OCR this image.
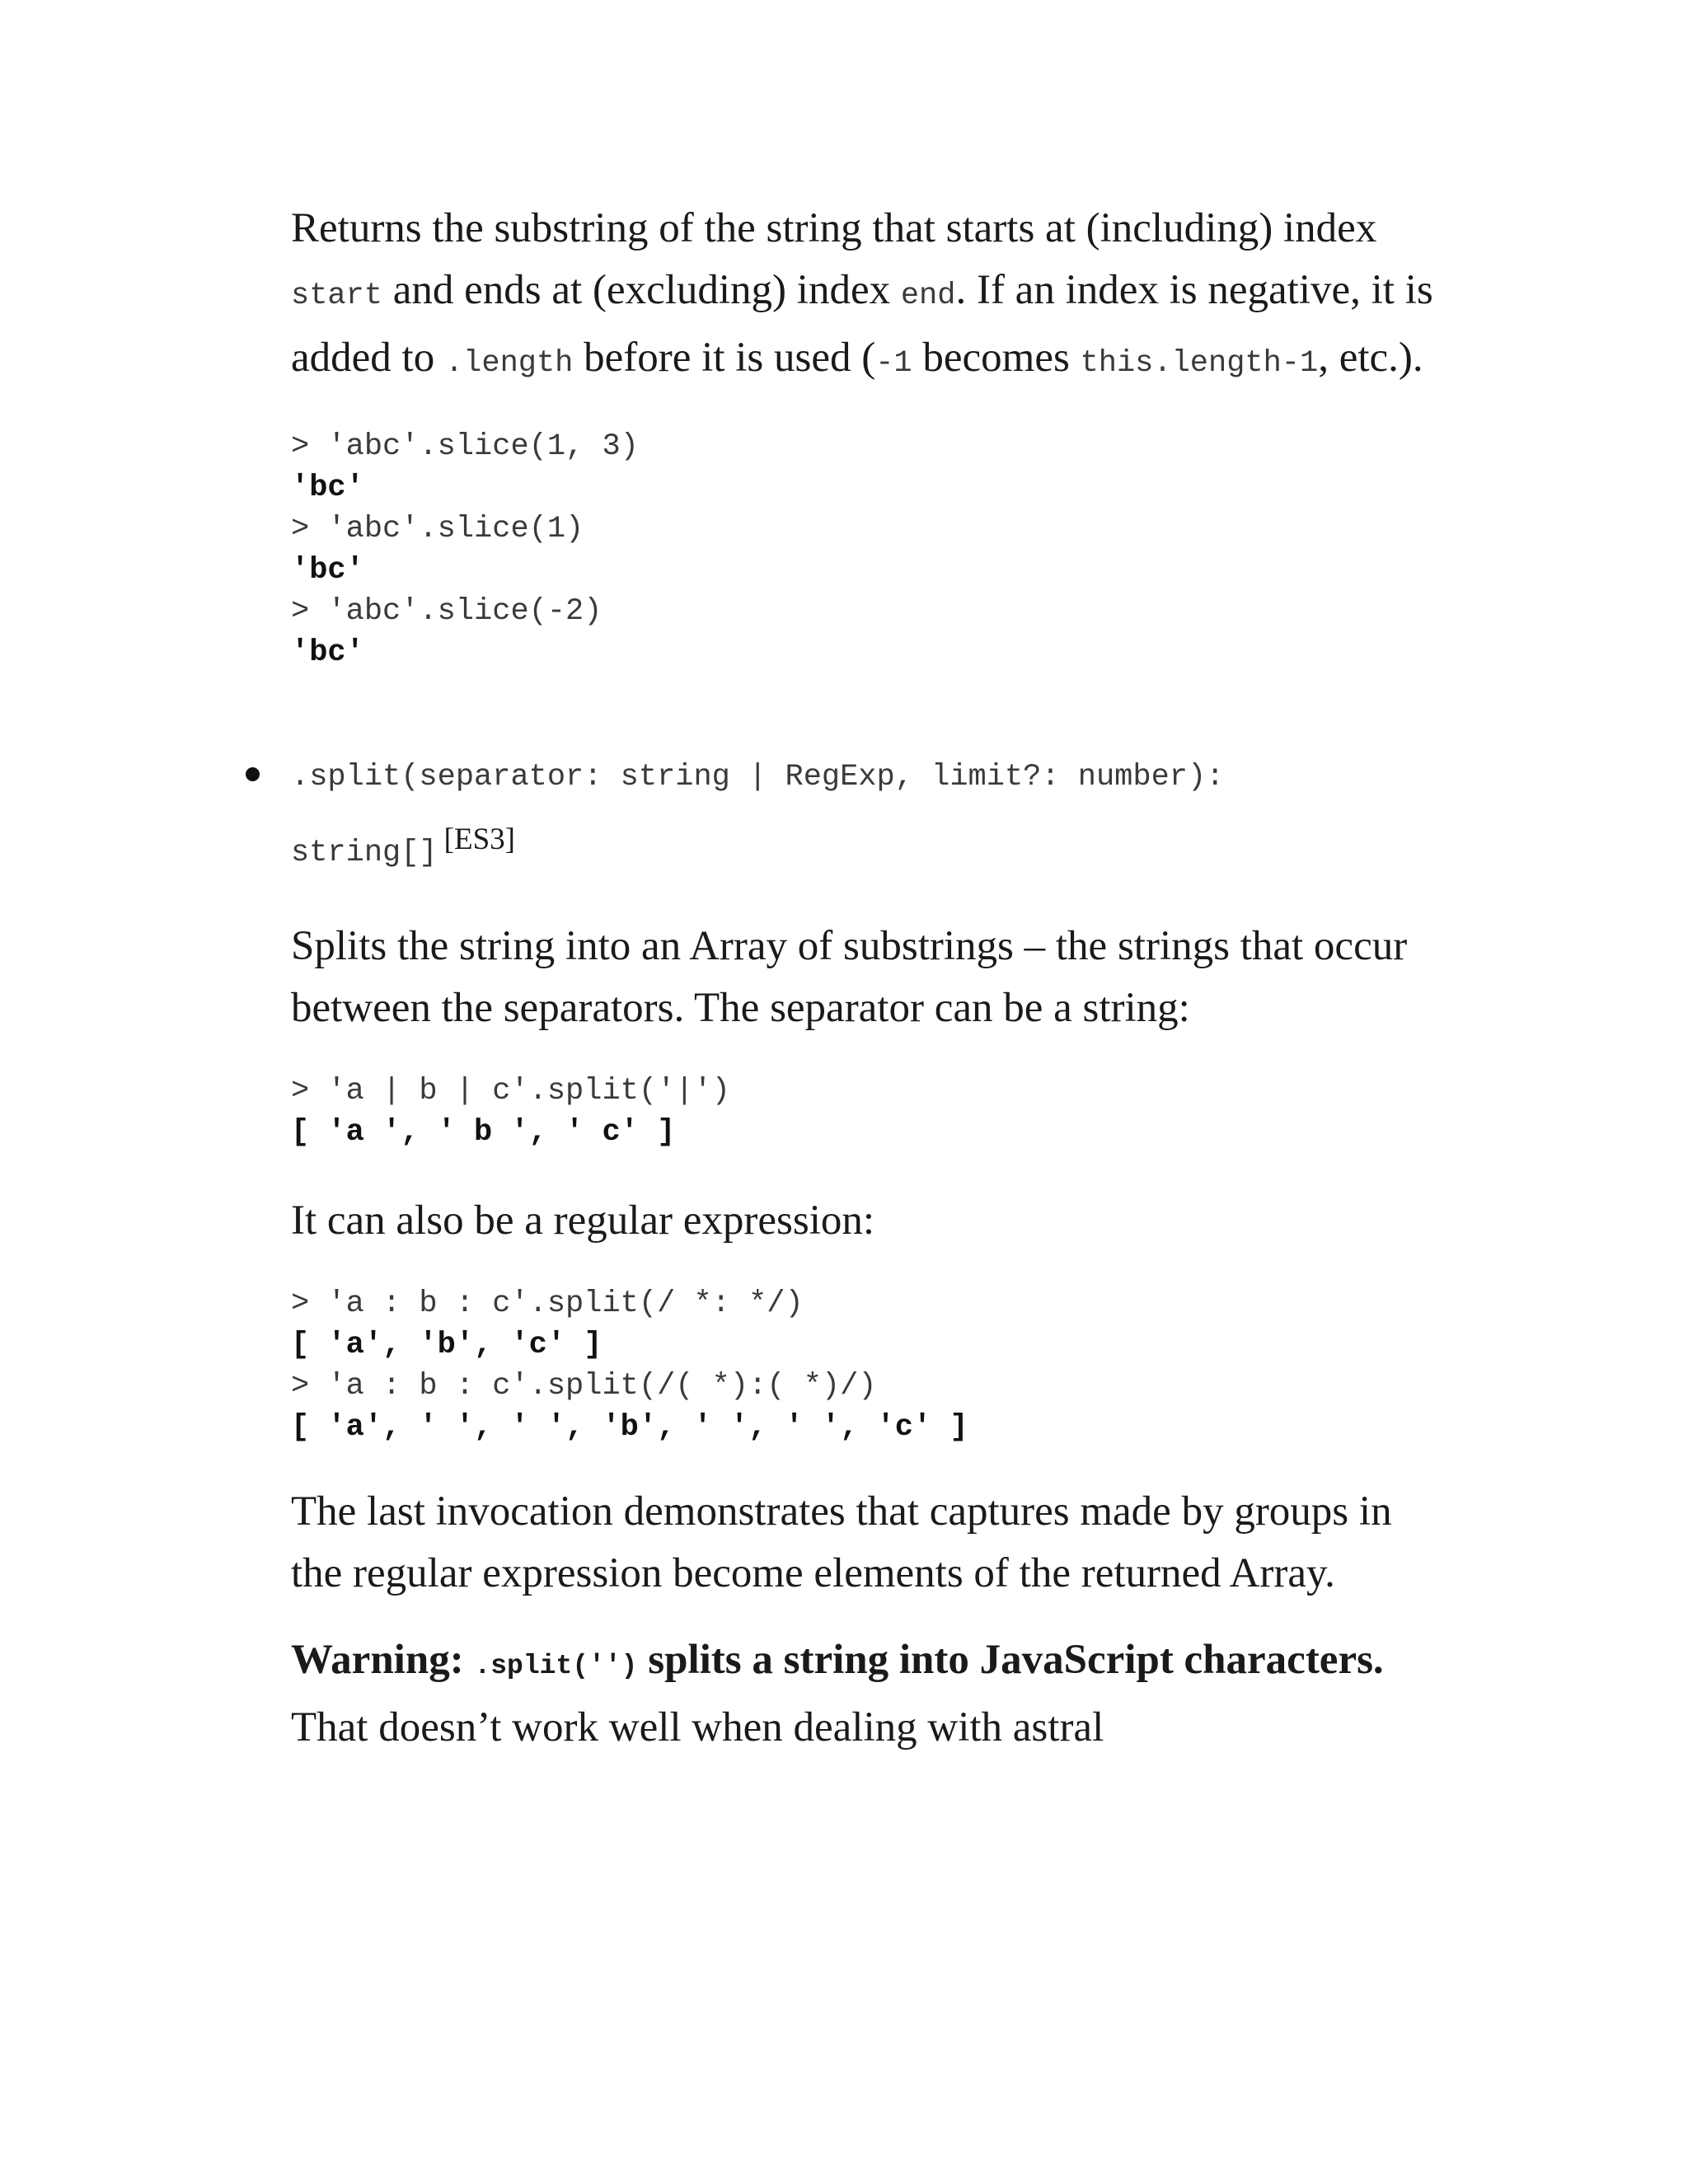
Returns the substring of the string that starts at (including) index start and ends at (excluding) index end. If an index is negative, it is added to .length before it is used (-1 becomes this.length-1, etc.).

> 'abc'.slice(1, 3)
'bc'
> 'abc'.slice(1)
'bc'
> 'abc'.slice(-2)
'bc'
.split(separator: string | RegExp, limit?: number): string[] [ES3]

Splits the string into an Array of substrings – the strings that occur between the separators. The separator can be a string:

> 'a | b | c'.split('|')
[ 'a ', ' b ', ' c' ]

It can also be a regular expression:

> 'a : b : c'.split(/ *: */)
[ 'a', 'b', 'c' ]
> 'a : b : c'.split(/( *):( *)/)
[ 'a', ' ', ' ', 'b', ' ', ' ', 'c' ]

The last invocation demonstrates that captures made by groups in the regular expression become elements of the returned Array.

Warning: .split('') splits a string into JavaScript characters. That doesn’t work well when dealing with astral
